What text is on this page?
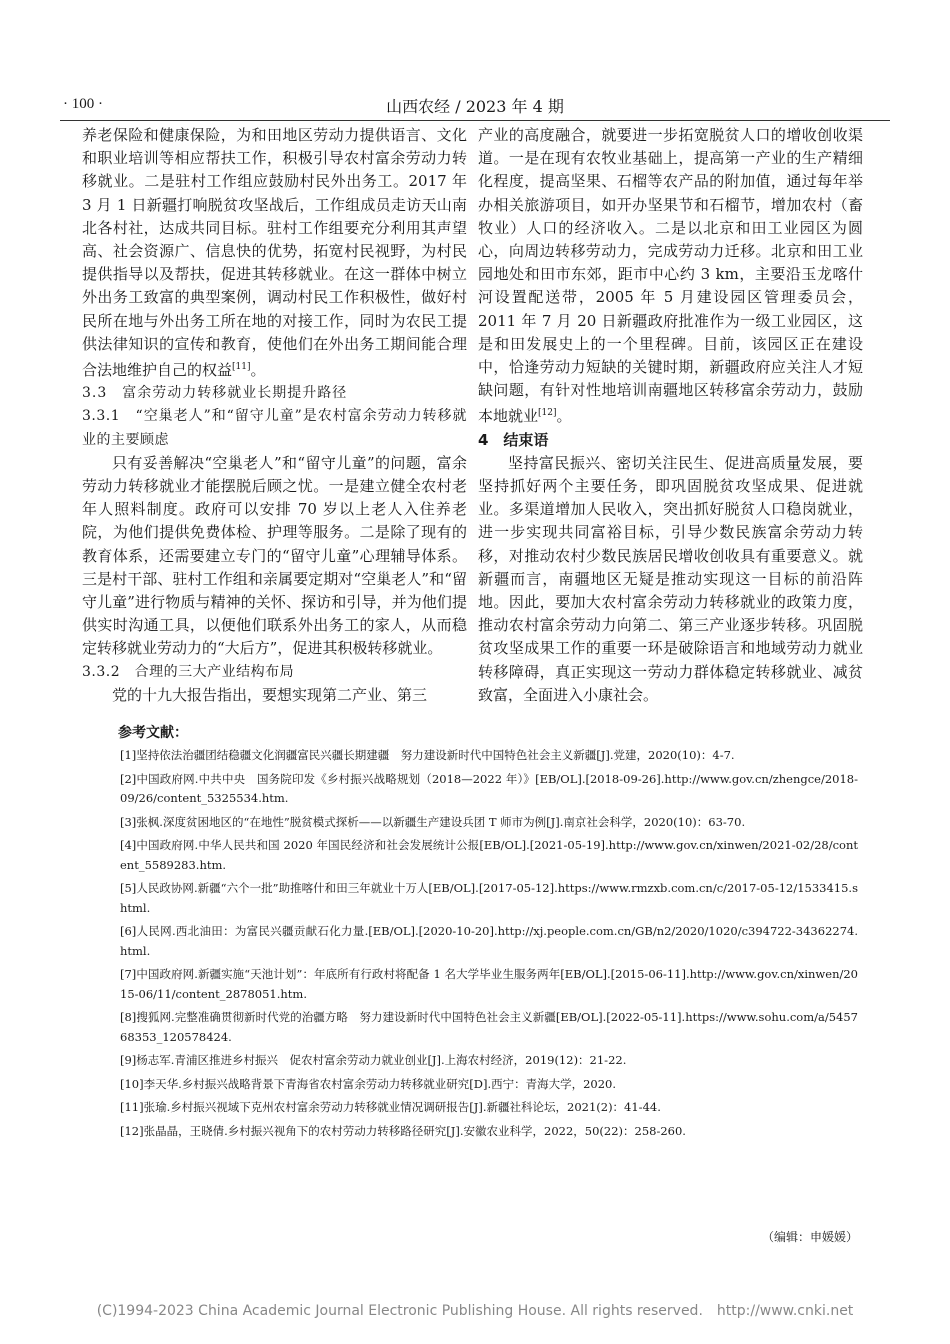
· 100 ·	山西农经 / 2023 年 4 期

养老保险和健康保险，为和田地区劳动力提供语言、文化和职业培训等相应帮扶工作，积极引导农村富余劳动力转移就业。二是驻村工作组应鼓励村民外出务工。2017 年 3 月 1 日新疆打响脱贫攻坚战后，工作组成员走访天山南北各村社，达成共同目标。驻村工作组要充分利用其声望高、社会资源广、信息快的优势，拓宽村民视野，为村民提供指导以及帮扶，促进其转移就业。在这一群体中树立外出务工致富的典型案例，调动村民工作积极性，做好村民所在地与外出务工所在地的对接工作，同时为农民工提供法律知识的宣传和教育，使他们在外出务工期间能合理合法地维护自己的权益[11]。

3.3　富余劳动力转移就业长期提升路径

3.3.1　“空巢老人”和“留守儿童”是农村富余劳动力转移就业的主要顾虑

只有妥善解决“空巢老人”和“留守儿童”的问题，富余劳动力转移就业才能摆脱后顾之忧。一是建立健全农村老年人照料制度。政府可以安排 70 岁以上老人入住养老院，为他们提供免费体检、护理等服务。二是除了现有的教育体系，还需要建立专门的“留守儿童”心理辅导体系。三是村干部、驻村工作组和亲属要定期对“空巢老人”和“留守儿童”进行物质与精神的关怀、探访和引导，并为他们提供实时沟通工具，以便他们联系外出务工的家人，从而稳定转移就业劳动力的“大后方”，促进其积极转移就业。

3.3.2　合理的三大产业结构布局

党的十九大报告指出，要想实现第二产业、第三

产业的高度融合，就要进一步拓宽脱贫人口的增收创收渠道。一是在现有农牧业基础上，提高第一产业的生产精细化程度，提高坚果、石榴等农产品的附加值，通过每年举办相关旅游项目，如开办坚果节和石榴节，增加农村（畜牧业）人口的经济收入。二是以北京和田工业园区为圆心，向周边转移劳动力，完成劳动力迁移。北京和田工业园地处和田市东郊，距市中心约 3 km，主要沿玉龙喀什河设置配送带，2005 年 5 月建设园区管理委员会，2011 年 7 月 20 日新疆政府批准作为一级工业园区，这是和田发展史上的一个里程碑。目前，该园区正在建设中，恰逢劳动力短缺的关键时期，新疆政府应关注人才短缺问题，有针对性地培训南疆地区转移富余劳动力，鼓励本地就业[12]。

4　结束语

坚持富民振兴、密切关注民生、促进高质量发展，要坚持抓好两个主要任务，即巩固脱贫攻坚成果、促进就业。多渠道增加人民收入，突出抓好脱贫人口稳岗就业，进一步实现共同富裕目标，引导少数民族富余劳动力转移，对推动农村少数民族居民增收创收具有重要意义。就新疆而言，南疆地区无疑是推动实现这一目标的前沿阵地。因此，要加大农村富余劳动力转移就业的政策力度，推动农村富余劳动力向第二、第三产业逐步转移。巩固脱贫攻坚成果工作的重要一环是破除语言和地域劳动力就业转移障碍，真正实现这一劳动力群体稳定转移就业、减贫致富，全面进入小康社会。

参考文献：
[1]坚持依法治疆团结稳疆文化润疆富民兴疆长期建疆　努力建设新时代中国特色社会主义新疆[J].党建，2020(10)：4-7.
[2]中国政府网.中共中央　国务院印发《乡村振兴战略规划（2018—2022 年）》[EB/OL].[2018-09-26].http://www.gov.cn/zhengce/2018-09/26/content_5325534.htm.
[3]张枫.深度贫困地区的“在地性”脱贫模式探析——以新疆生产建设兵团 T 师市为例[J].南京社会科学，2020(10)：63-70.
[4]中国政府网.中华人民共和国 2020 年国民经济和社会发展统计公报[EB/OL].[2021-05-19].http://www.gov.cn/xinwen/2021-02/28/content_5589283.htm.
[5]人民政协网.新疆“六个一批”助推喀什和田三年就业十万人[EB/OL].[2017-05-12].https://www.rmzxb.com.cn/c/2017-05-12/1533415.shtml.
[6]人民网.西北油田：为富民兴疆贡献石化力量.[EB/OL].[2020-10-20].http://xj.people.com.cn/GB/n2/2020/1020/c394722-34362274.html.
[7]中国政府网.新疆实施“天池计划”：年底所有行政村将配备 1 名大学毕业生服务两年[EB/OL].[2015-06-11].http://www.gov.cn/xinwen/2015-06/11/content_2878051.htm.
[8]搜狐网.完整准确贯彻新时代党的治疆方略　努力建设新时代中国特色社会主义新疆[EB/OL].[2022-05-11].https://www.sohu.com/a/545768353_120578424.
[9]杨志军.青浦区推进乡村振兴　促农村富余劳动力就业创业[J].上海农村经济，2019(12)：21-22.
[10]李天华.乡村振兴战略背景下青海省农村富余劳动力转移就业研究[D].西宁：青海大学，2020.
[11]张瑜.乡村振兴视域下克州农村富余劳动力转移就业情况调研报告[J].新疆社科论坛，2021(2)：41-44.
[12]张晶晶，王晓倩.乡村振兴视角下的农村劳动力转移路径研究[J].安徽农业科学，2022，50(22)：258-260.
（编辑：申媛媛）
(C)1994-2023 China Academic Journal Electronic Publishing House. All rights reserved.　http://www.cnki.net
